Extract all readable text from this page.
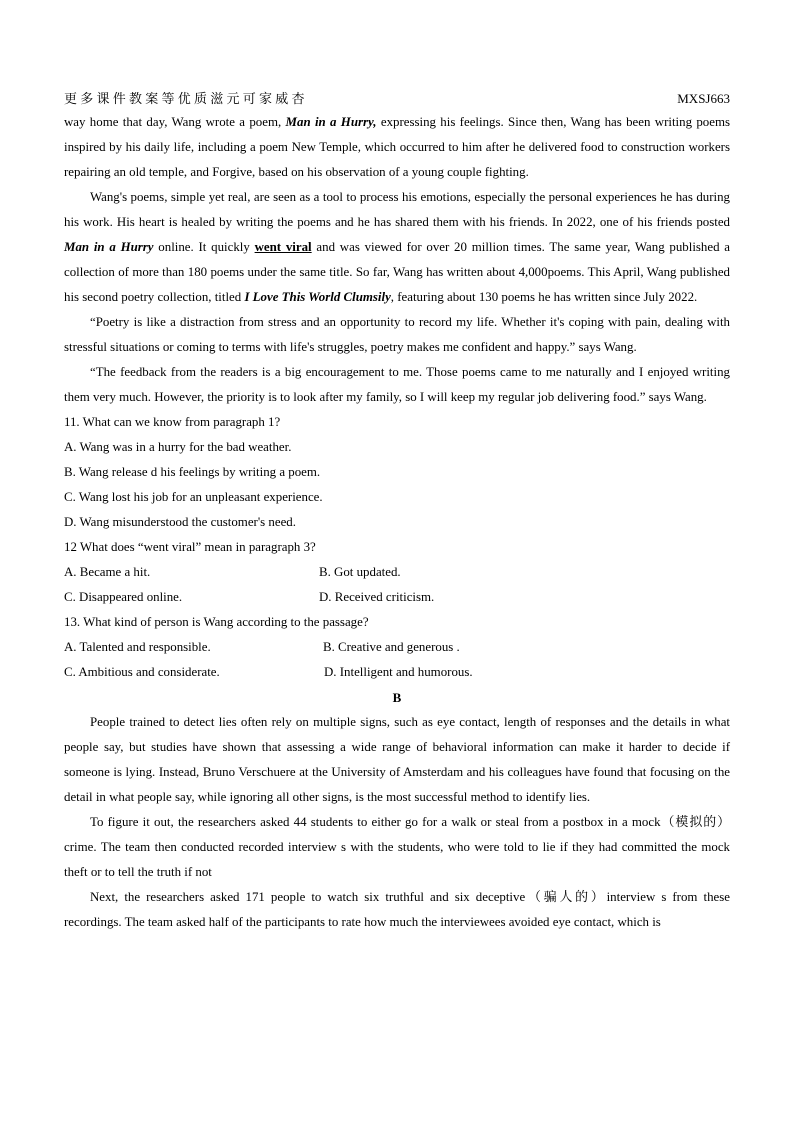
更 多 课 件 教 案 等 优 质 滋 元 可 家 威 杏	MXSJ663

way home that day, Wang wrote a poem, Man in a Hurry, expressing his feelings. Since then, Wang has been writing poems inspired by his daily life, including a poem New Temple, which occurred to him after he delivered food to construction workers repairing an old temple, and Forgive, based on his observation of a young couple fighting.

Wang's poems, simple yet real, are seen as a tool to process his emotions, especially the personal experiences he has during his work. His heart is healed by writing the poems and he has shared them with his friends. In 2022, one of his friends posted Man in a Hurry online. It quickly went viral and was viewed for over 20 million times. The same year, Wang published a collection of more than 180 poems under the same title. So far, Wang has written about 4,000poems. This April, Wang published his second poetry collection, titled I Love This World Clumsily, featuring about 130 poems he has written since July 2022.

“Poetry is like a distraction from stress and an opportunity to record my life. Whether it's coping with pain, dealing with stressful situations or coming to terms with life's struggles, poetry makes me confident and happy.” says Wang.

“The feedback from the readers is a big encouragement to me. Those poems came to me naturally and I enjoyed writing them very much. However, the priority is to look after my family, so I will keep my regular job delivering food.” says Wang.

11. What can we know from paragraph 1?

A. Wang was in a hurry for the bad weather.

B. Wang release d his feelings by writing a poem.

C. Wang lost his job for an unpleasant experience.

D. Wang misunderstood the customer's need.

12 What does “went viral” mean in paragraph 3?

A. Became a hit.	B. Got updated.
C. Disappeared online.	D. Received criticism.

13. What kind of person is Wang according to the passage?

A. Talented and responsible.	B. Creative and generous .
C. Ambitious and considerate.	D. Intelligent and humorous.
B

People trained to detect lies often rely on multiple signs, such as eye contact, length of responses and the details in what people say, but studies have shown that assessing a wide range of behavioral information can make it harder to decide if someone is lying. Instead, Bruno Verschuere at the University of Amsterdam and his colleagues have found that focusing on the detail in what people say, while ignoring all other signs, is the most successful method to identify lies.

To figure it out, the researchers asked 44 students to either go for a walk or steal from a postbox in a mock（模拟的） crime. The team then conducted recorded interview s with the students, who were told to lie if they had committed the mock theft or to tell the truth if not

Next, the researchers asked 171 people to watch six truthful and six deceptive（骗人的）interview s from these recordings. The team asked half of the participants to rate how much the interviewees avoided eye contact, which is
